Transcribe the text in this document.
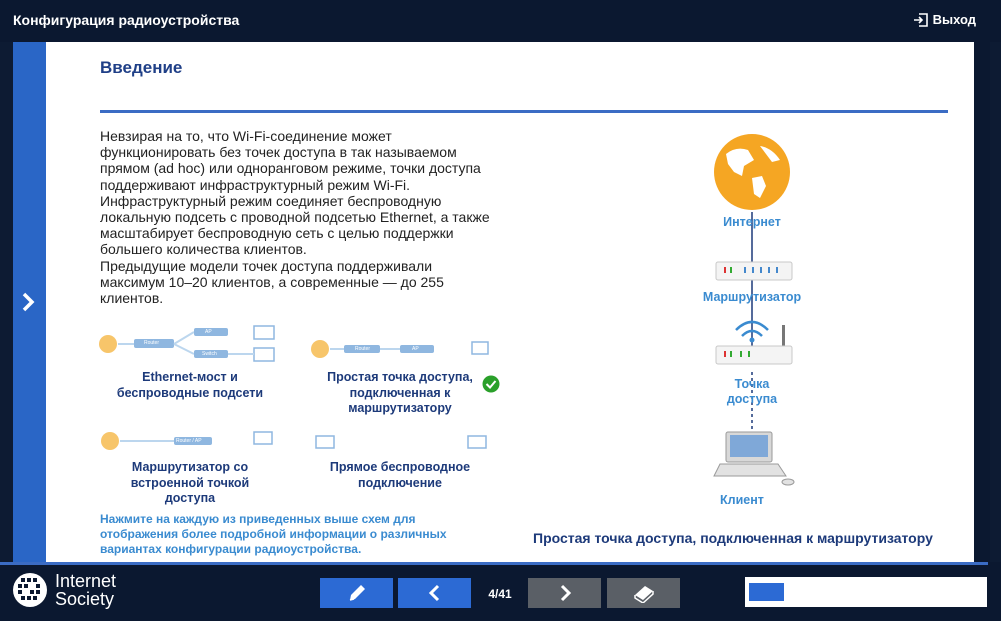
Конфигурация радиоустройства	Выход
Введение

Невзирая на то, что Wi-Fi-соединение может функционировать без точек доступа в так называемом прямом (ad hoc) или одноранговом режиме, точки доступа поддерживают инфраструктурный режим Wi-Fi.

Инфраструктурный режим соединяет беспроводную локальную подсеть с проводной подсетью Ethernet, а также масштабирует беспроводную сеть с целью поддержки большего количества клиентов.

Предыдущие модели точек доступа поддерживали максимум 10–20 клиентов, а современные — до 255 клиентов.

Router
AP
Switch
Ethernet-мост и беспроводные подсети
Router	AP
Простая точка доступа, подключенная к маршрутизатору
Router / AP
Маршрутизатор со встроенной точкой доступа
Прямое беспроводное подключение
Нажмите на каждую из приведенных выше схем для отображения более подробной информации о различных вариантах конфигурации радиоустройства.
Интернет
Маршрутизатор
Точка доступа
Клиент
Простая точка доступа, подключенная к маршрутизатору
Internet
Society	4/41
